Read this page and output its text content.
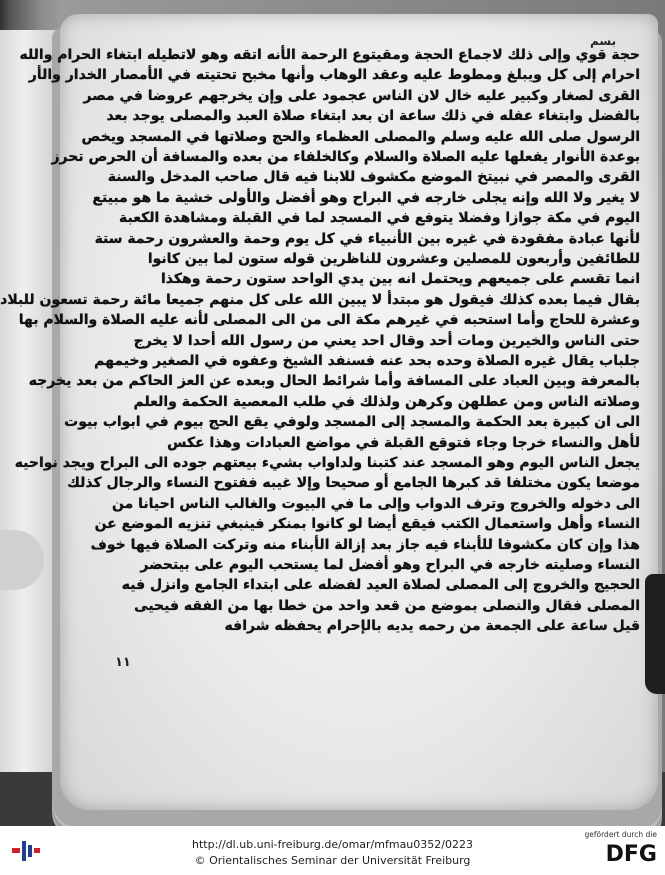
بسم
حجة قوي وإلى ذلك لاجماع الحجة ومقيتوع الرحمة الأنه اتقه وهو لاتطيله ابتغاء الحرام والله
احرام إلى كل ويبلغ ومطوط عليه وعقد الوهاب وأنها مخبح تحتيته في الأمصار الخدار والأر
القرى لصغار وكبير عليه خال لان الناس عجمود على وإن يخرجهم عروضا في مصر
بالفضل وابتغاء عفله في ذلك ساعة ان بعد ابتغاء صلاة العبد والمصلى يوجد بعد
الرسول صلى الله عليه وسلم والمصلى العظماء والحج وصلاتها في المسجد ويخص
بوعدة الأنوار يفعلها عليه الصلاة والسلام وكالخلفاء من بعده والمسافة أن الحرص تحرز
القرى والمصر في نبيتخ الموضع مكشوف للابنا فيه قال صاحب المدخل والسنة
لا يغير ولا الله وإنه يجلى خارجه في البراح وهو أفضل والأولى خشية ما هو مبيتع
اليوم في مكة جوازا وفضلا يتوفع في المسجد لما في القبلة ومشاهدة الكعبة
لأنها عبادة مفقودة في غيره بين الأنبياء في كل يوم وحمة والعشرون رحمة ستة
للطائفين وأربعون للمصلين وعشرون للناظرين قوله ستون لما بين كانوا
انما تقسم على جميعهم ويحتمل انه بين يدي الواحد ستون رحمة وهكذا
بقال فيما بعده كذلك فيقول هو مبتدأ لا يبين الله على كل منهم جميعا مائة رحمة تسعون للبلاد
وعشرة للحاج وأما استحبه في غيرهم مكة الى من الى المصلى لأنه عليه الصلاة والسلام بها
حتى الناس والخيرين ومات أحد وقال احد يعني من رسول الله أحدا لا يخرج
جلباب يقال غيره الصلاة وحده بحد عنه فسنفد الشيخ وعفوه في الصغير وخيمهم
بالمعرفة وبين العباد على المسافة وأما شرائط الحال وبعده عن العز الحاكم من بعد يخرجه
وصلاته الناس ومن عطلهن وكرهن ولذلك في طلب المعصية الحكمة والعلم
الى ان كبيرة بعد الحكمة والمسجد إلى المسجد ولوفي يقع الحج بيوم في ابواب بيوت
لأهل والنساء خرجا وجاء فتوقع القبلة في مواضع العبادات وهذا عكس
يجعل الناس اليوم وهو المسجد عند كتبنا ولداواب بشيء بيعتهم جوده الى البراح ويجد نواحيه
موضعا يكون مختلفا قد كبرها الجامع أو صحيحا وإلا غيبه ففتوح النساء والرجال كذلك
الى دخوله والخروج وترف الدواب وإلى ما في البيوت والغالب الناس احيانا من
النساء وأهل واستعمال الكتب فيقع أيضا لو كانوا بمنكر فينبغي تنزيه الموضع عن
هذا وإن كان مكشوفا للأبناء فيه جاز بعد إزالة الأبناء منه وتركت الصلاة فيها خوف
النساء وصليته خارجه في البراح وهو أفضل لما يستحب اليوم على بيتحضر
الحجيج والخروج إلى المصلى لصلاة العيد لفضله على ابتداء الجامع وانزل فيه
المصلى فقال والنصلى بموضع من قعد واحد من خطا بها من الفقه فيحيى
قيل ساعة على الجمعة من رحمه يديه بالإحرام يحفظه شرافه
١١
http://dl.ub.uni-freiburg.de/omar/mfmau0352/0223
© Orientalisches Seminar der Universität Freiburg
gefördert durch die
DFG
